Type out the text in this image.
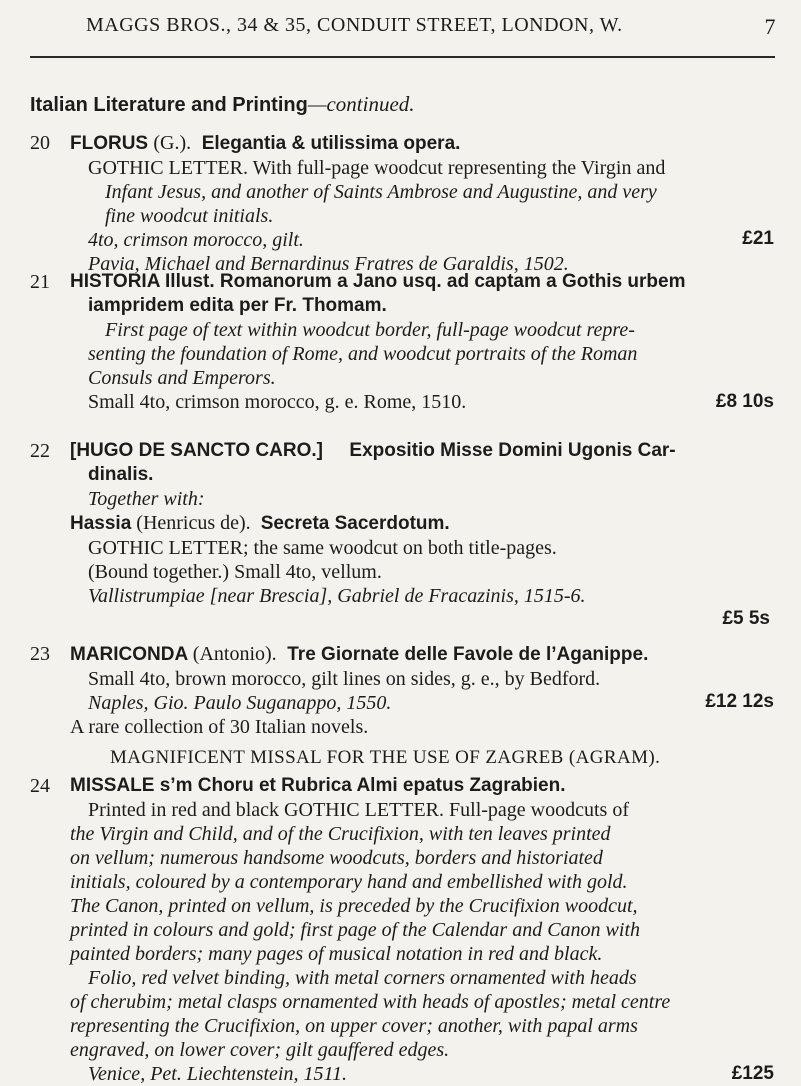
MAGGS BROS., 34 & 35, CONDUIT STREET, LONDON, W.	7
Italian Literature and Printing—continued.
20	FLORUS (G.). Elegantia & utilissima opera.
GOTHIC LETTER. With full-page woodcut representing the Virgin and
Infant Jesus, and another of Saints Ambrose and Augustine, and very
fine woodcut initials.
4to, crimson morocco, gilt.
Pavia, Michael and Bernardinus Fratres de Garaldis, 1502.
£21
21	HISTORIA Illust. Romanorum a Jano usq. ad captam a Gothis urbem
iampridem edita per Fr. Thomam.
First page of text within woodcut border, full-page woodcut repre-
senting the foundation of Rome, and woodcut portraits of the Roman
Consuls and Emperors.
Small 4to, crimson morocco, g. e. Rome, 1510.	£8 10s
22	[HUGO DE SANCTO CARO.] Expositio Misse Domini Ugonis Car-
dinalis.
Together with:
Hassia (Henricus de). Secreta Sacerdotum.
GOTHIC LETTER; the same woodcut on both title-pages.
(Bound together.) Small 4to, vellum.
Vallistrumpiae [near Brescia], Gabriel de Fracazinis, 1515-6.
£5 5s
23	MARICONDA (Antonio). Tre Giornate delle Favole de l’Aganippe.
Small 4to, brown morocco, gilt lines on sides, g. e., by Bedford.
Naples, Gio. Paulo Suganappo, 1550.
A rare collection of 30 Italian novels.
£12 12s
MAGNIFICENT MISSAL FOR THE USE OF ZAGREB (AGRAM).
24	MISSALE s’m Choru et Rubrica Almi epatus Zagrabien.
Printed in red and black GOTHIC LETTER. Full-page woodcuts of
the Virgin and Child, and of the Crucifixion, with ten leaves printed
on vellum; numerous handsome woodcuts, borders and historiated
initials, coloured by a contemporary hand and embellished with gold.
The Canon, printed on vellum, is preceded by the Crucifixion woodcut,
printed in colours and gold; first page of the Calendar and Canon with
painted borders; many pages of musical notation in red and black.
Folio, red velvet binding, with metal corners ornamented with heads
of cherubim; metal clasps ornamented with heads of apostles; metal centre
representing the Crucifixion, on upper cover; another, with papal arms
engraved, on lower cover; gilt gauffered edges.
Venice, Pet. Liechtenstein, 1511.	£125
